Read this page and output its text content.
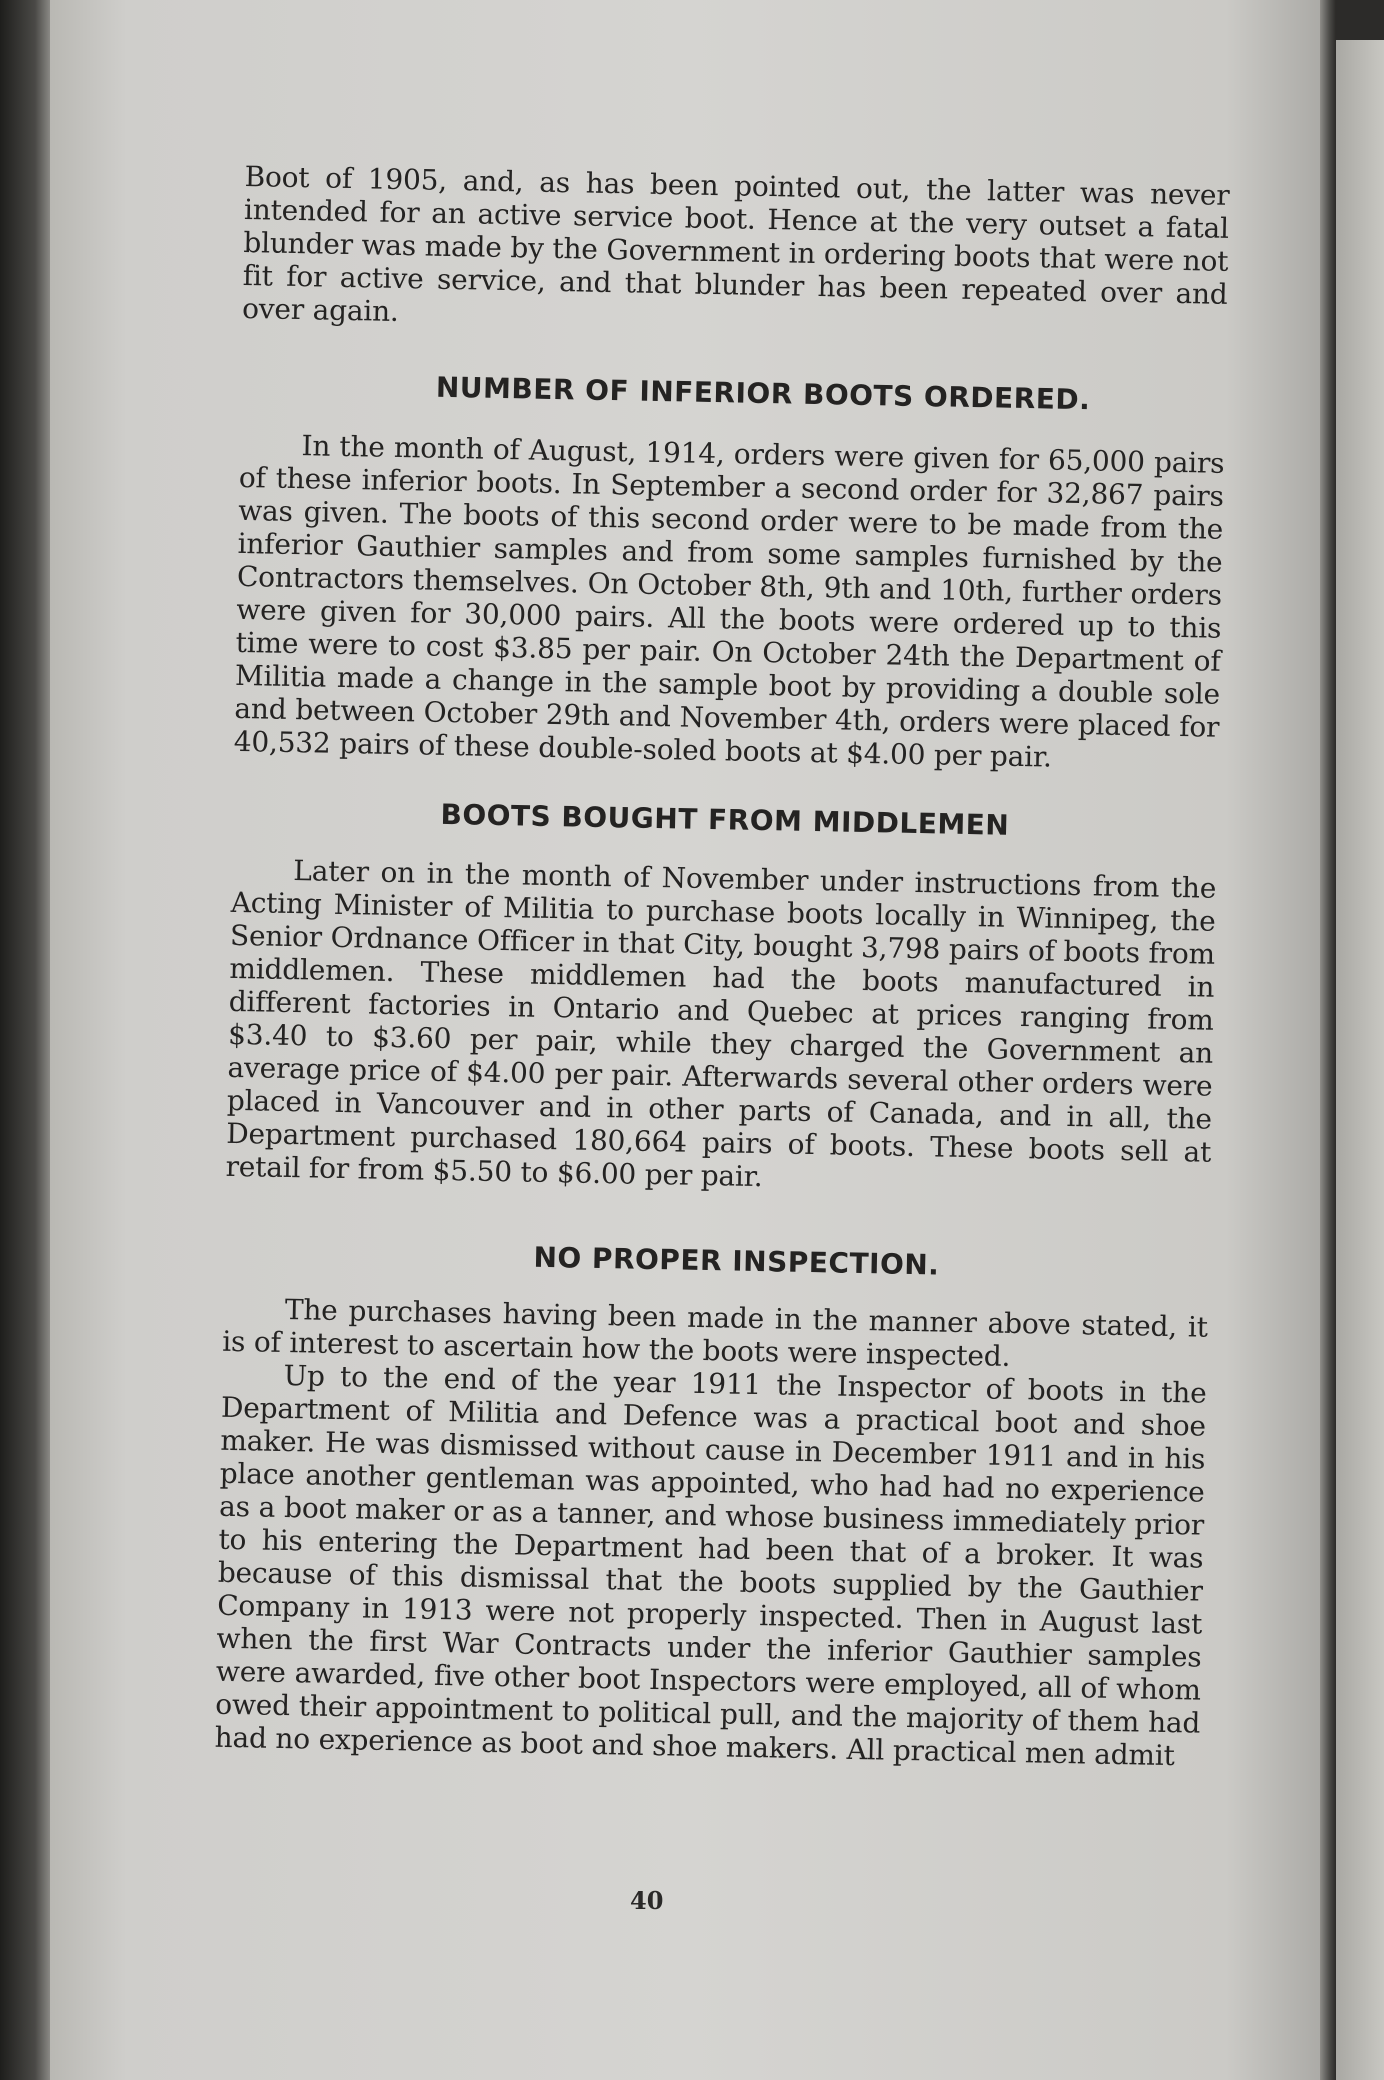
Boot of 1905, and, as has been pointed out, the latter was never intended for an active service boot. Hence at the very outset a fatal blunder was made by the Government in ordering boots that were not fit for active service, and that blunder has been repeated over and over again.

NUMBER OF INFERIOR BOOTS ORDERED.

In the month of August, 1914, orders were given for 65,000 pairs of these inferior boots. In September a second order for 32,867 pairs was given. The boots of this second order were to be made from the inferior Gauthier samples and from some samples furnished by the Contractors themselves. On October 8th, 9th and 10th, further orders were given for 30,000 pairs. All the boots were ordered up to this time were to cost $3.85 per pair. On October 24th the Department of Militia made a change in the sample boot by providing a double sole and between October 29th and November 4th, orders were placed for 40,532 pairs of these double-soled boots at $4.00 per pair.

BOOTS BOUGHT FROM MIDDLEMEN

Later on in the month of November under instructions from the Acting Minister of Militia to purchase boots locally in Winnipeg, the Senior Ordnance Officer in that City, bought 3,798 pairs of boots from middlemen. These middlemen had the boots manufactured in different factories in Ontario and Quebec at prices ranging from $3.40 to $3.60 per pair, while they charged the Government an average price of $4.00 per pair. Afterwards several other orders were placed in Vancouver and in other parts of Canada, and in all, the Department purchased 180,664 pairs of boots. These boots sell at retail for from $5.50 to $6.00 per pair.

NO PROPER INSPECTION.

The purchases having been made in the manner above stated, it is of interest to ascertain how the boots were inspected.

Up to the end of the year 1911 the Inspector of boots in the Department of Militia and Defence was a practical boot and shoe maker. He was dismissed without cause in December 1911 and in his place another gentleman was appointed, who had had no experience as a boot maker or as a tanner, and whose business immediately prior to his entering the Department had been that of a broker. It was because of this dismissal that the boots supplied by the Gauthier Company in 1913 were not properly inspected. Then in August last when the first War Contracts under the inferior Gauthier samples were awarded, five other boot Inspectors were employed, all of whom owed their appointment to political pull, and the majority of them had had no experience as boot and shoe makers. All practical men admit

40
